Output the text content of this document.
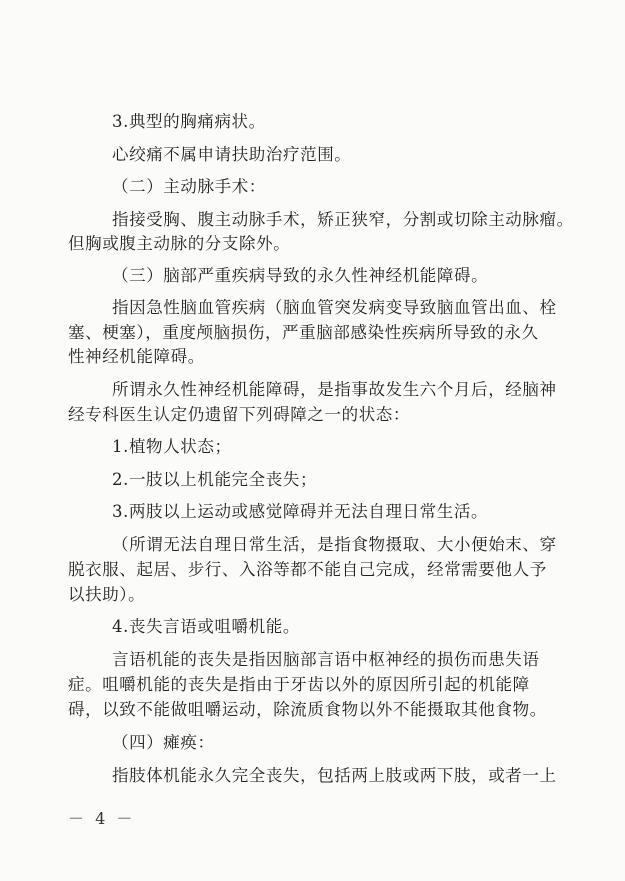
3.典型的胸痛病状。
心绞痛不属申请扶助治疗范围。
（二）主动脉手术：
指接受胸、腹主动脉手术，矫正狭窄，分割或切除主动脉瘤。
但胸或腹主动脉的分支除外。
（三）脑部严重疾病导致的永久性神经机能障碍。
指因急性脑血管疾病（脑血管突发病变导致脑血管出血、栓
塞、梗塞），重度颅脑损伤，严重脑部感染性疾病所导致的永久
性神经机能障碍。
所谓永久性神经机能障碍，是指事故发生六个月后，经脑神
经专科医生认定仍遗留下列碍障之一的状态：
1.植物人状态；
2.一肢以上机能完全丧失；
3.两肢以上运动或感觉障碍并无法自理日常生活。
（所谓无法自理日常生活，是指食物摄取、大小便始末、穿
脱衣服、起居、步行、入浴等都不能自己完成，经常需要他人予
以扶助）。
4.丧失言语或咀嚼机能。
言语机能的丧失是指因脑部言语中枢神经的损伤而患失语
症。咀嚼机能的丧失是指由于牙齿以外的原因所引起的机能障
碍，以致不能做咀嚼运动，除流质食物以外不能摄取其他食物。
（四）瘫痪：
指肢体机能永久完全丧失，包括两上肢或两下肢，或者一上
－ 4 －
